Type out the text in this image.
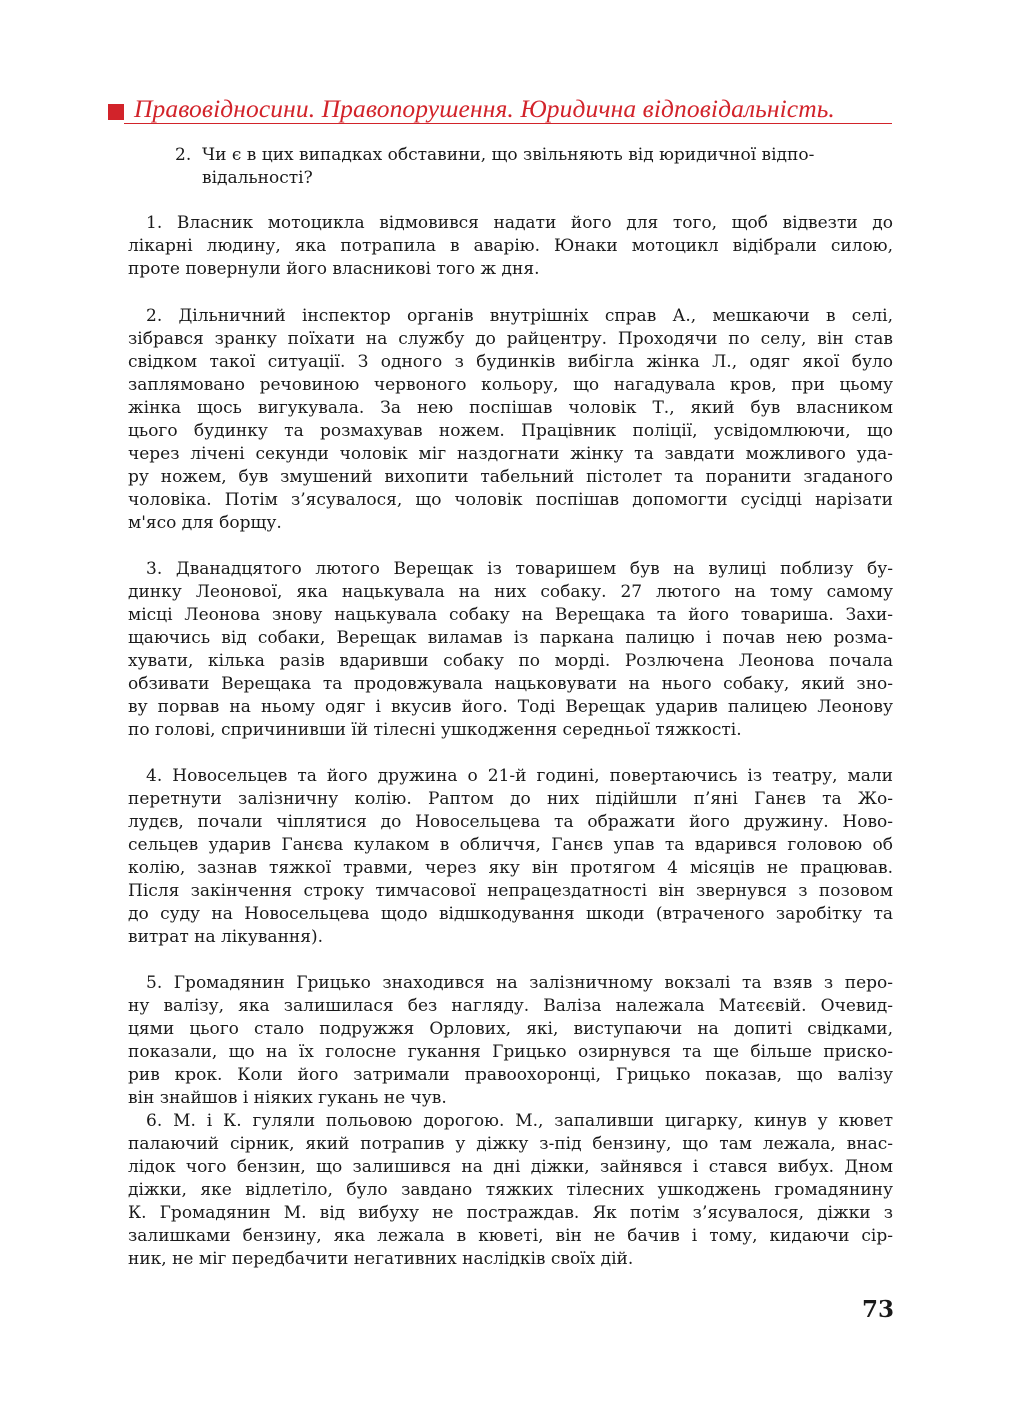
Правовідносини. Правопорушення. Юридична відповідальність.
2. Чи є в цих випадках обставини, що звільняють від юридичної відпо-
відальності?
1. Власник мотоцикла відмовився надати його для того, щоб відвезти до
лікарні людину, яка потрапила в аварію. Юнаки мотоцикл відібрали силою,
проте повернули його власникові того ж дня.
2. Дільничний інспектор органів внутрішніх справ А., мешкаючи в селі,
зібрався зранку поїхати на службу до райцентру. Проходячи по селу, він став
свідком такої ситуації. З одного з будинків вибігла жінка Л., одяг якої було
заплямовано речовиною червоного кольору, що нагадувала кров, при цьому
жінка щось вигукувала. За нею поспішав чоловік Т., який був власником
цього будинку та розмахував ножем. Працівник поліції, усвідомлюючи, що
через лічені секунди чоловік міг наздогнати жінку та завдати можливого уда-
ру ножем, був змушений вихопити табельний пістолет та поранити згаданого
чоловіка. Потім з’ясувалося, що чоловік поспішав допомогти сусідці нарізати
м'ясо для борщу.
3. Дванадцятого лютого Верещак із товаришем був на вулиці поблизу бу-
динку Леонової, яка нацькувала на них собаку. 27 лютого на тому самому
місці Леонова знову нацькувала собаку на Верещака та його товариша. Захи-
щаючись від собаки, Верещак виламав із паркана палицю і почав нею розма-
хувати, кілька разів вдаривши собаку по морді. Розлючена Леонова почала
обзивати Верещака та продовжувала нацьковувати на нього собаку, який зно-
ву порвав на ньому одяг і вкусив його. Тоді Верещак ударив палицею Леонову
по голові, спричинивши їй тілесні ушкодження середньої тяжкості.
4. Новосельцев та його дружина о 21-й годині, повертаючись із театру, мали
перетнути залізничну колію. Раптом до них підійшли п’яні Ганєв та Жо-
лудєв, почали чіплятися до Новосельцева та ображати його дружину. Ново-
сельцев ударив Ганєва кулаком в обличчя, Ганєв упав та вдарився головою об
колію, зазнав тяжкої травми, через яку він протягом 4 місяців не працював.
Після закінчення строку тимчасової непрацездатності він звернувся з позовом
до суду на Новосельцева щодо відшкодування шкоди (втраченого заробітку та
витрат на лікування).
5. Громадянин Грицько знаходився на залізничному вокзалі та взяв з перо-
ну валізу, яка залишилася без нагляду. Валіза належала Матєєвій. Очевид-
цями цього стало подружжя Орлових, які, виступаючи на допиті свідками,
показали, що на їх голосне гукання Грицько озирнувся та ще більше приско-
рив крок. Коли його затримали правоохоронці, Грицько показав, що валізу
він знайшов і ніяких гукань не чув.
6. М. і К. гуляли польовою дорогою. М., запаливши цигарку, кинув у кювет
палаючий сірник, який потрапив у діжку з-під бензину, що там лежала, внас-
лідок чого бензин, що залишився на дні діжки, зайнявся і стався вибух. Дном
діжки, яке відлетіло, було завдано тяжких тілесних ушкоджень громадянину
К. Громадянин М. від вибуху не постраждав. Як потім з’ясувалося, діжки з
залишками бензину, яка лежала в кюветі, він не бачив і тому, кидаючи сір-
ник, не міг передбачити негативних наслідків своїх дій.
73
